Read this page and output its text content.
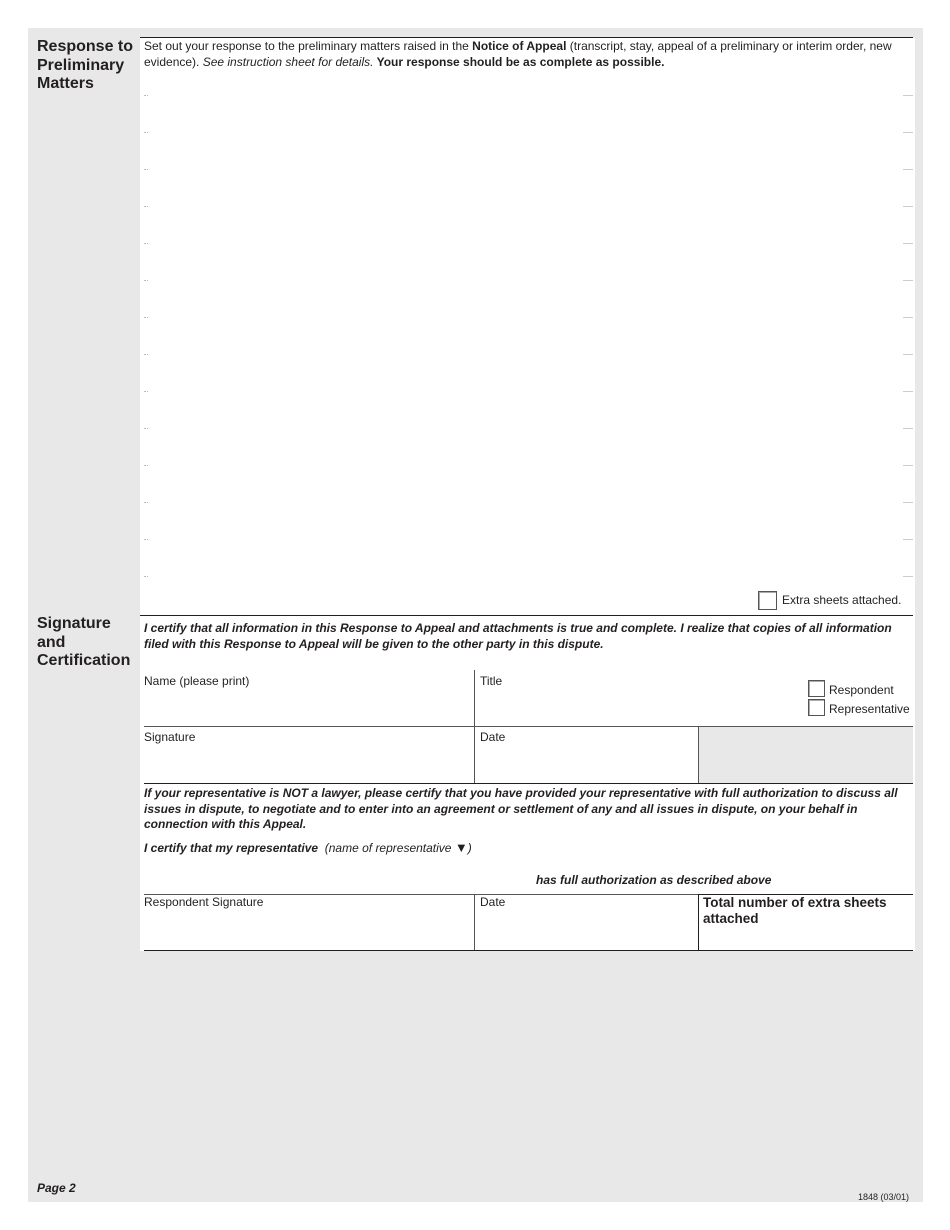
Response to
Preliminary
Matters
Set out your response to the preliminary matters raised in the Notice of Appeal (transcript, stay, appeal of a preliminary or interim order, new evidence). See instruction sheet for details. Your response should be as complete as possible.
Extra sheets attached.
Signature
and
Certification
I certify that all information in this Response to Appeal and attachments is true and complete. I realize that copies of all information filed with this Response to Appeal will be given to the other party in this dispute.
Name (please print)	Title
Respondent
Representative
Signature	Date
If your representative is NOT a lawyer, please certify that you have provided your representative with full authorization to discuss all issues in dispute, to negotiate and to enter into an agreement or settlement of any and all issues in dispute, on your behalf in connection with this Appeal.
I certify that my representative (name of representative ▼)
has full authorization as described above
Respondent Signature	Date	Total number of extra sheets attached
Page 2
1848 (03/01)
